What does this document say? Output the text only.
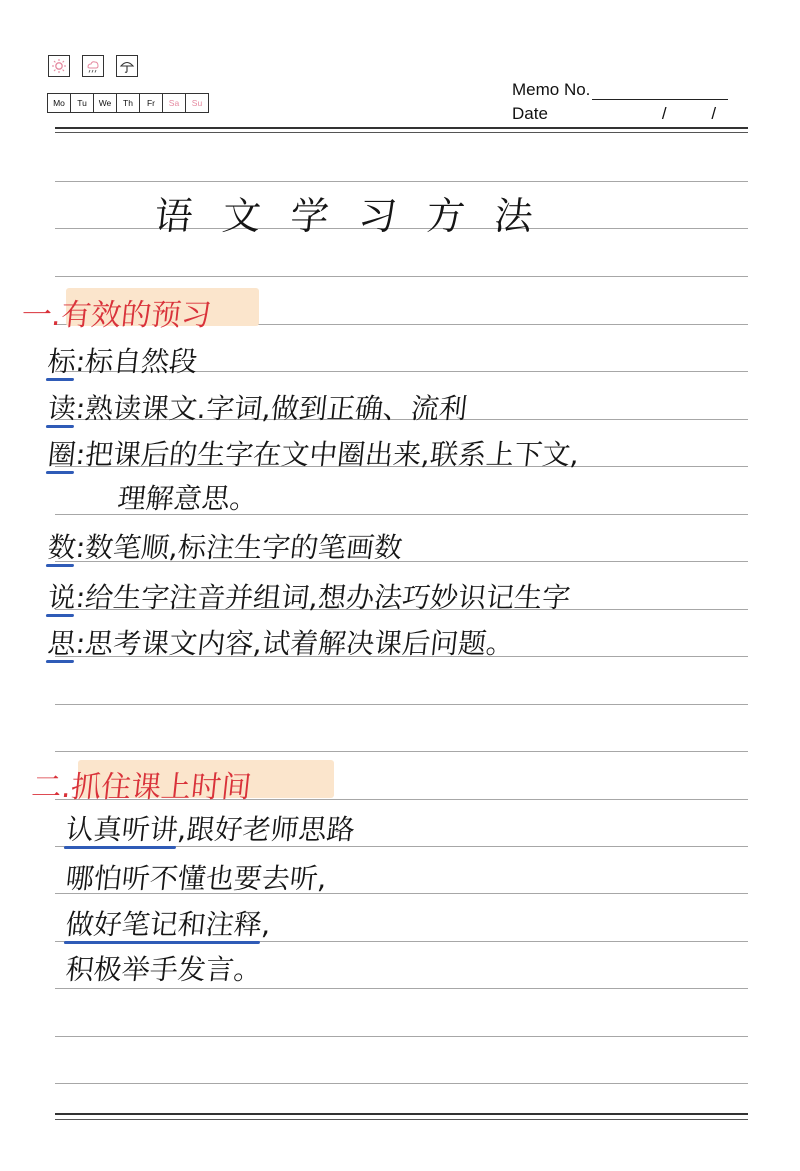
Mo	Tu	We	Th	Fr	Sa	Su
Memo No.
Date	/ /
语文学习方法
一.有效的预习
标
:标自然段
读
:熟读课文.字词,做到正确、流利
圈
:把课后的生字在文中圈出来,联系上下文,
理解意思。
数
:数笔顺,标注生字的笔画数
说
:给生字注音并组词,想办法巧妙识记生字
思
:思考课文内容,试着解决课后问题。
二.抓住课上时间
认真听讲
,跟好老师思路
哪怕听不懂也要去听,
做好笔记和注释
,
积极举手发言。
